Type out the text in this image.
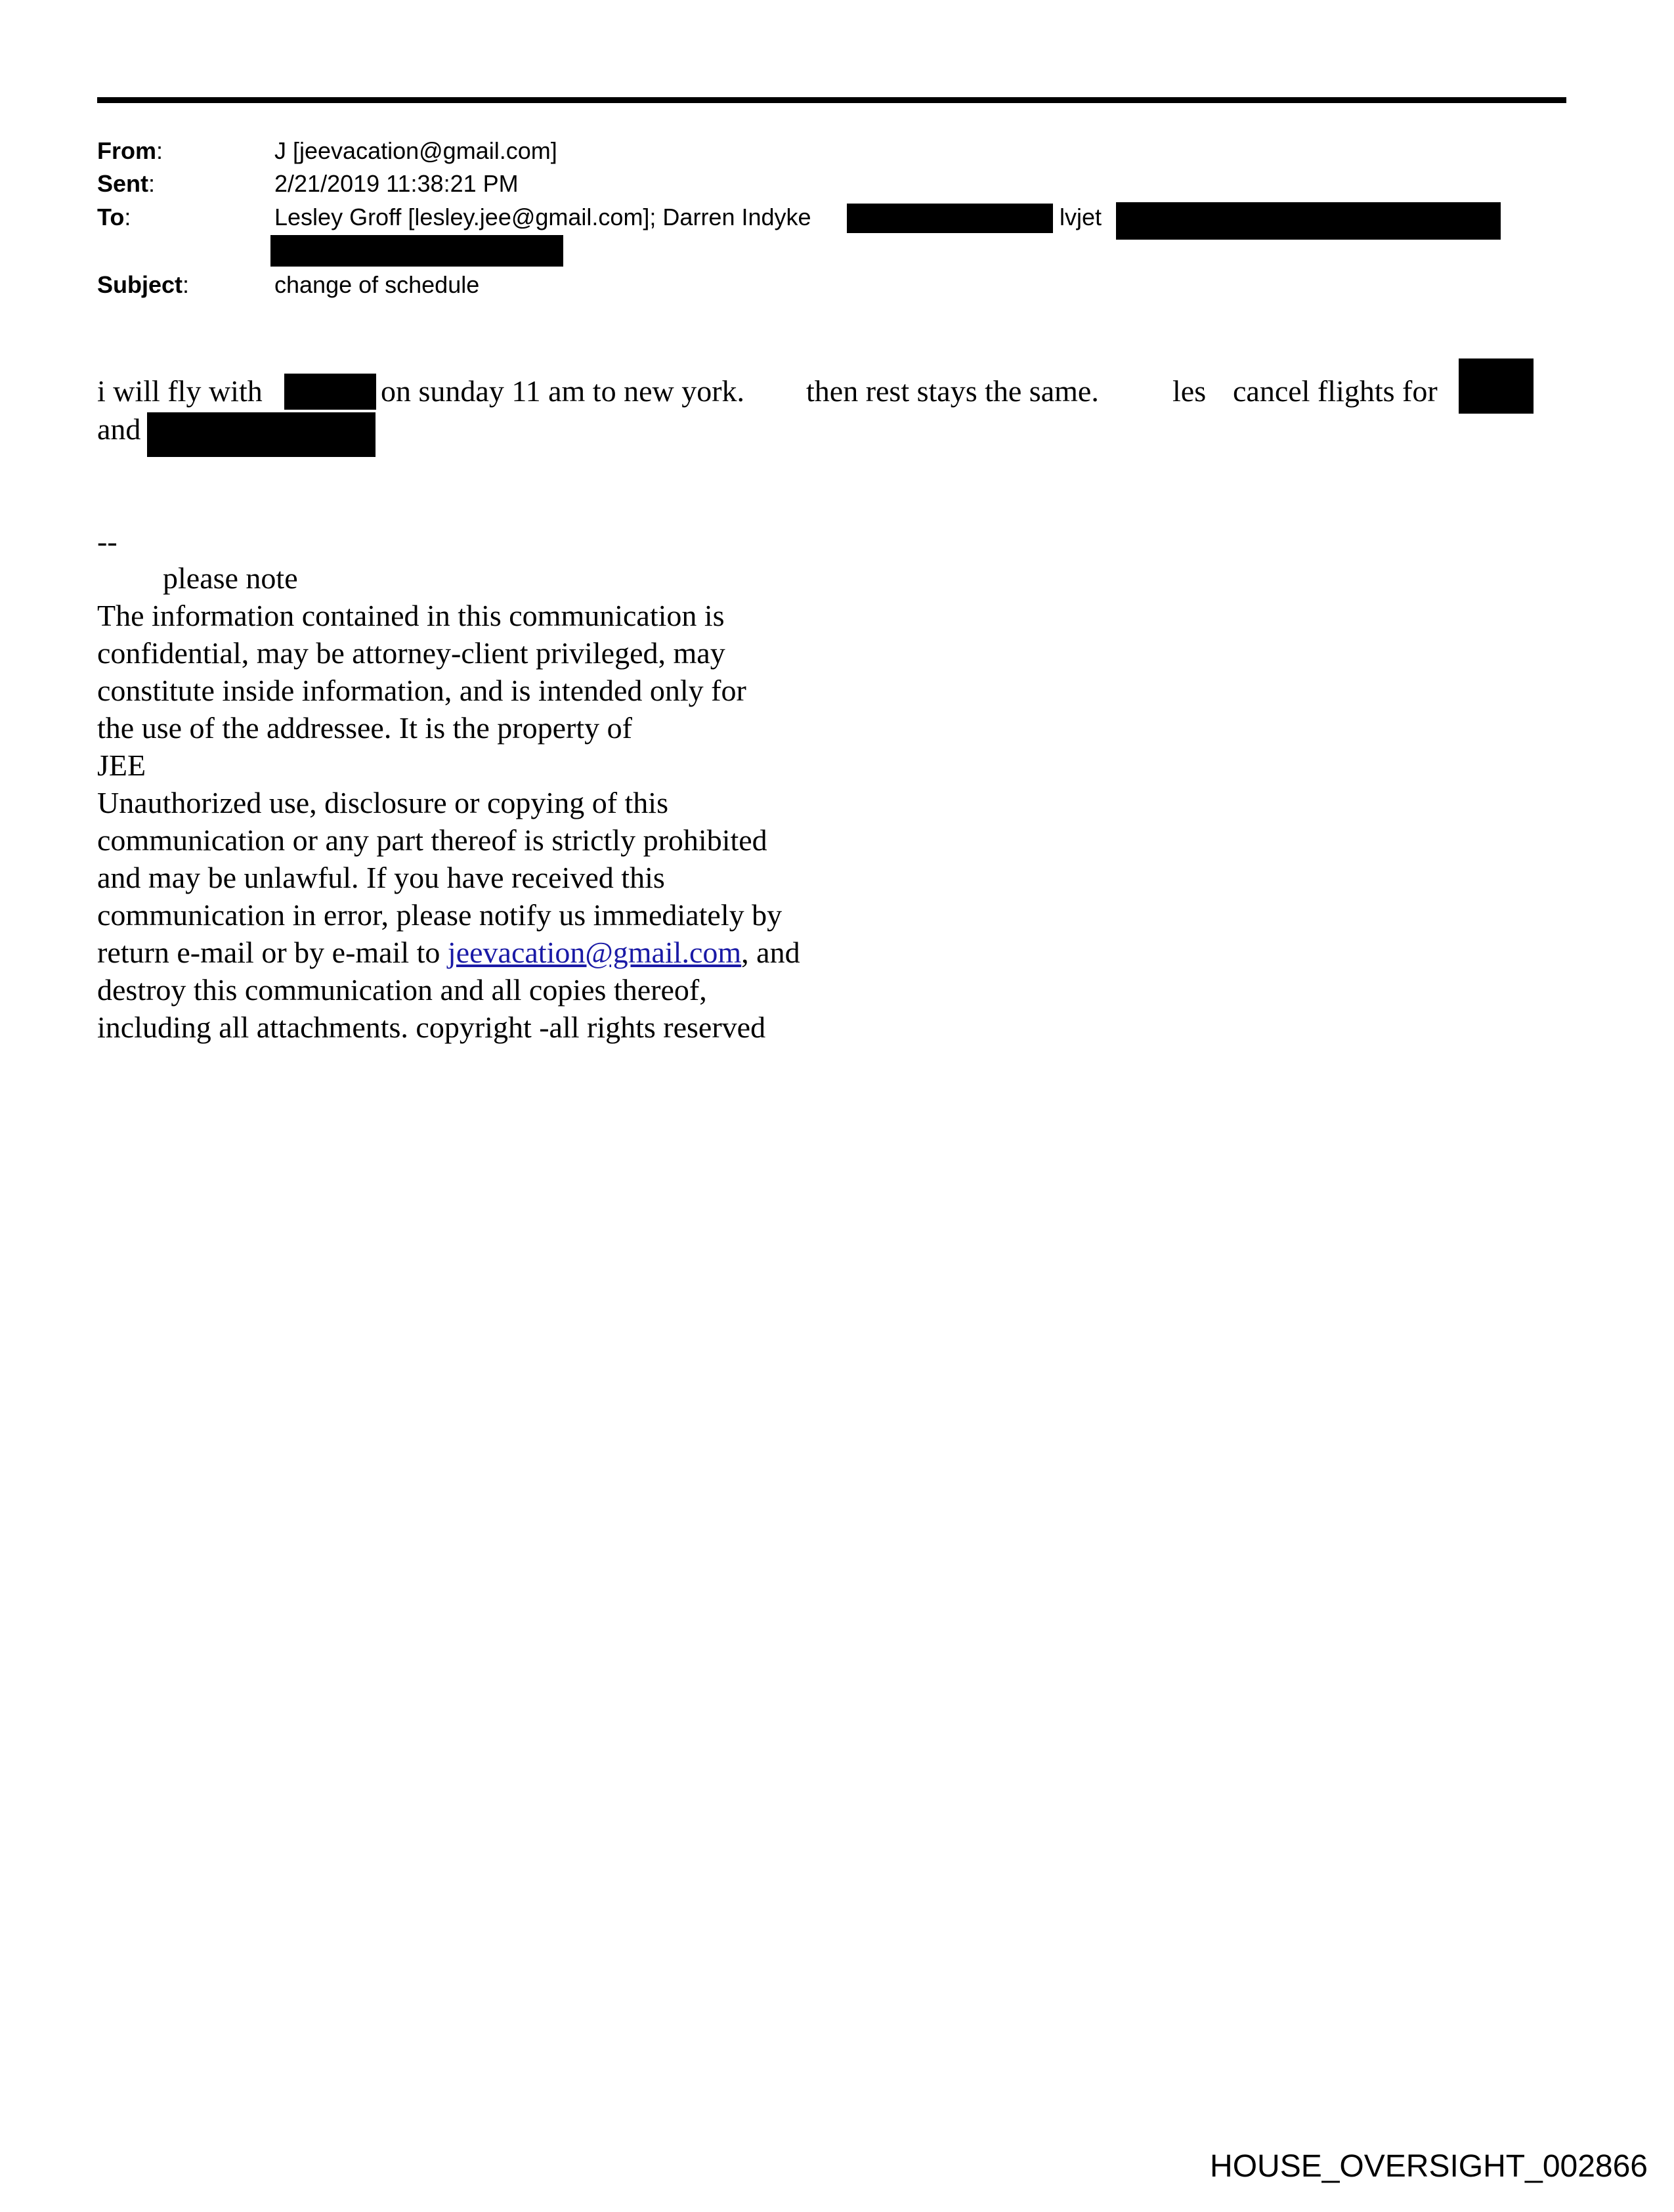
From:	J [jeevacation@gmail.com]
Sent:	2/21/2019 11:38:21 PM
To:	Lesley Groff [lesley.jee@gmail.com]; Darren Indyke	lvjet
Subject:	change of schedule
i will fly with	on sunday 11 am to new york. then rest stays the same. les cancel flights for
and
--
please note
The information contained in this communication is
confidential, may be attorney-client privileged, may
constitute inside information, and is intended only for
the use of the addressee. It is the property of
JEE
Unauthorized use, disclosure or copying of this
communication or any part thereof is strictly prohibited
and may be unlawful. If you have received this
communication in error, please notify us immediately by
return e-mail or by e-mail to jeevacation@gmail.com, and
destroy this communication and all copies thereof,
including all attachments. copyright -all rights reserved
HOUSE_OVERSIGHT_002866
